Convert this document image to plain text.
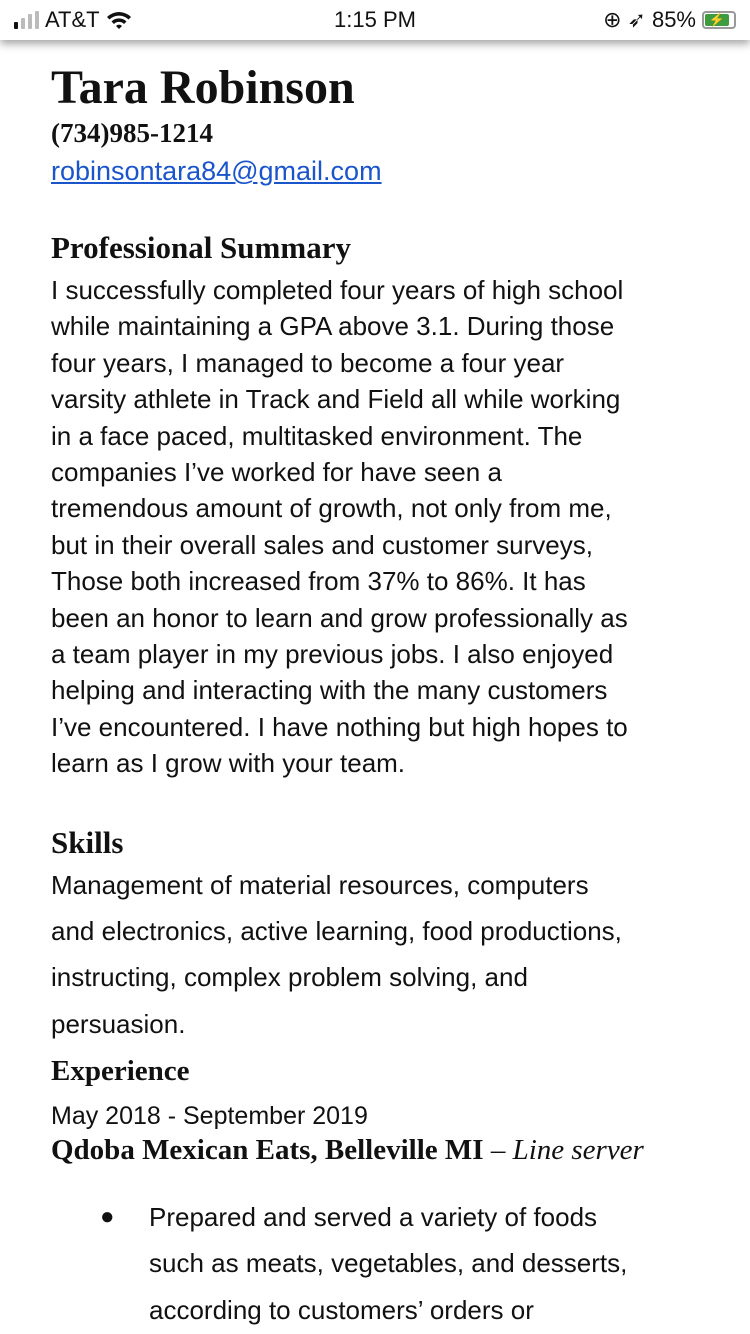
AT&T	1:15 PM	⊕ ➶ 85% ⚡
Tara Robinson
(734)985-1214
robinsontara84@gmail.com
Professional Summary
I successfully completed four years of high school
while maintaining a GPA above 3.1. During those
four years, I managed to become a four year
varsity athlete in Track and Field all while working
in a face paced, multitasked environment. The
companies I’ve worked for have seen a
tremendous amount of growth, not only from me,
but in their overall sales and customer surveys,
Those both increased from 37% to 86%. It has
been an honor to learn and grow professionally as
a team player in my previous jobs. I also enjoyed
helping and interacting with the many customers
I’ve encountered. I have nothing but high hopes to
learn as I grow with your team.
Skills
Management of material resources, computers
and electronics, active learning, food productions,
instructing, complex problem solving, and
persuasion.
Experience
May 2018 - September 2019
Qdoba Mexican Eats, Belleville MI – Line server
● Prepared and served a variety of foods
such as meats, vegetables, and desserts,
according to customers’ orders or
